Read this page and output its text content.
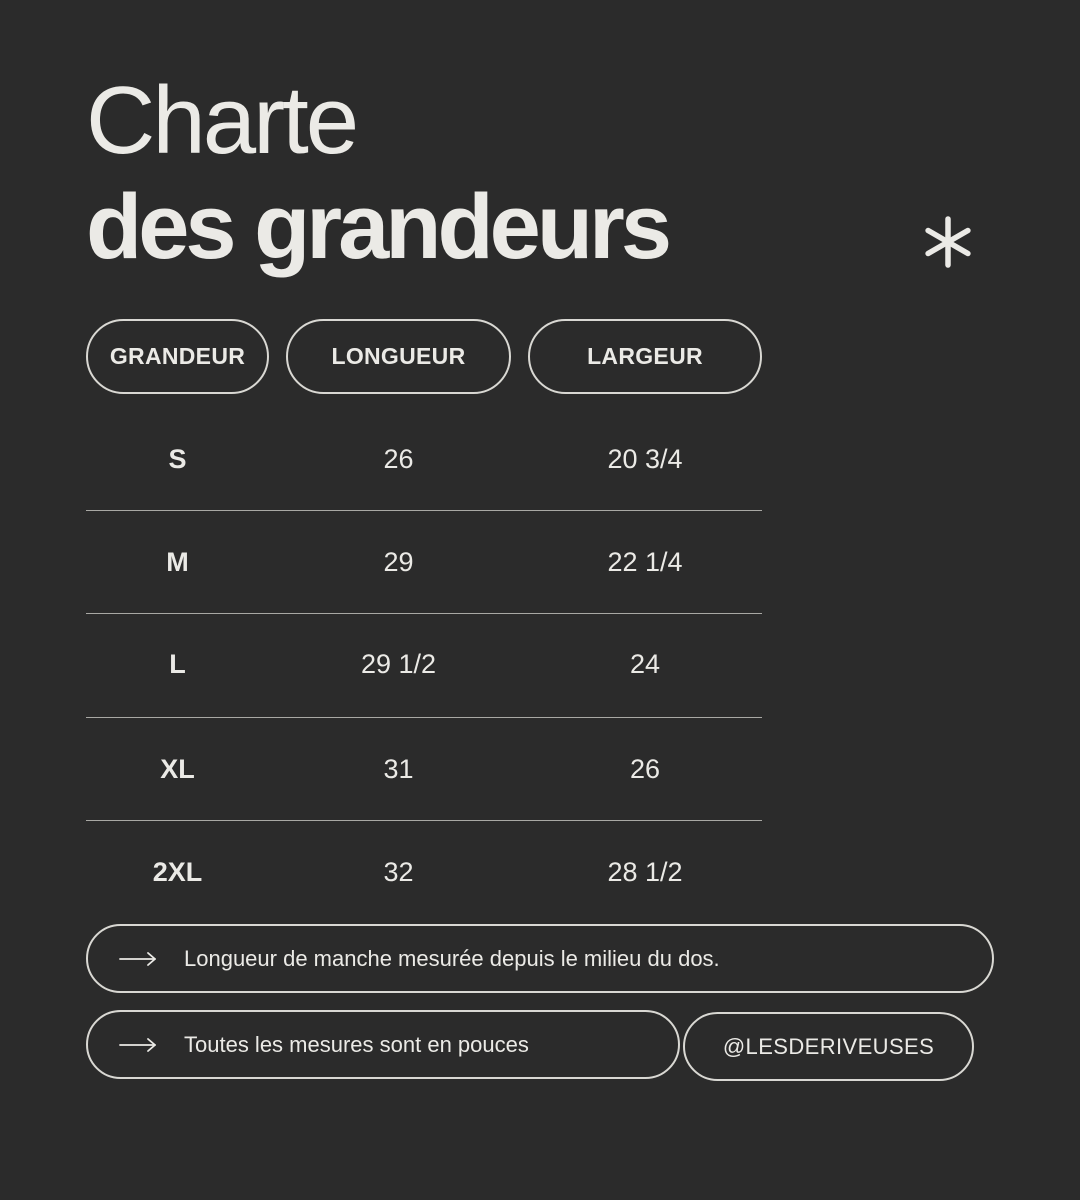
Charte
des grandeurs
GRANDEUR	LONGUEUR	LARGEUR
S	26	20 3/4
M	29	22 1/4
L	29 1/2	24
XL	31	26
2XL	32	28 1/2
Longueur de manche mesurée depuis le milieu du dos.
Toutes les mesures sont en pouces	@LESDERIVEUSES
